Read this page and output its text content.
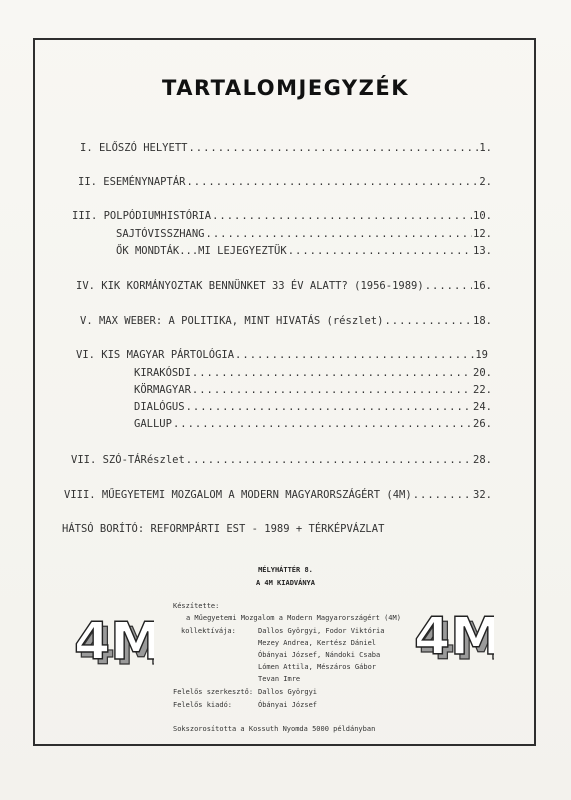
TARTALOMJEGYZÉK
I. ELŐSZÓ HELYETT .....	1.
II. ESEMÉNYNAPTÁR .....	2.
III. POLPÓDIUMHISTÓRIA .....	10.
SAJTÓVISSZHANG .....	12.
ŐK MONDTÁK...MI LEJEGYEZTÜK .....	13.
IV. KIK KORMÁNYOZTAK BENNÜNKET 33 ÉV ALATT? (1956-1989) .....	16.
V. MAX WEBER: A POLITIKA, MINT HIVATÁS (részlet) .....	18.
VI. KIS MAGYAR PÁRTOLÓGIA .....	19
KIRAKÓSDI .....	20.
KÖRMAGYAR .....	22.
DIALÓGUS .....	24.
GALLUP .....	26.
VII. SZÓ-TÁRészlet .....	28.
VIII. MŰEGYETEMI MOZGALOM A MODERN MAGYARORSZÁGÉRT (4M) .....	32.
HÁTSÓ BORÍTÓ: REFORMPÁRTI EST - 1989 + TÉRKÉPVÁZLAT
MÉLYHÁTTÉR 8.
A 4M KIADVÁNYA
4M
4M	4M
4M
Készítette:
a Műegyetemi Mozgalom a Modern Magyarországért (4M)
kollektívája:	Dallos Györgyi, Fodor Viktória
Mezey Andrea, Kertész Dániel
Óbányai József, Nándoki Csaba
Lómen Attila, Mészáros Gábor
Tevan Imre
Felelős szerkesztő: Dallos Györgyi
Felelős kiadó:	Óbányai József
Sokszorosította a Kossuth Nyomda 5000 példányban
